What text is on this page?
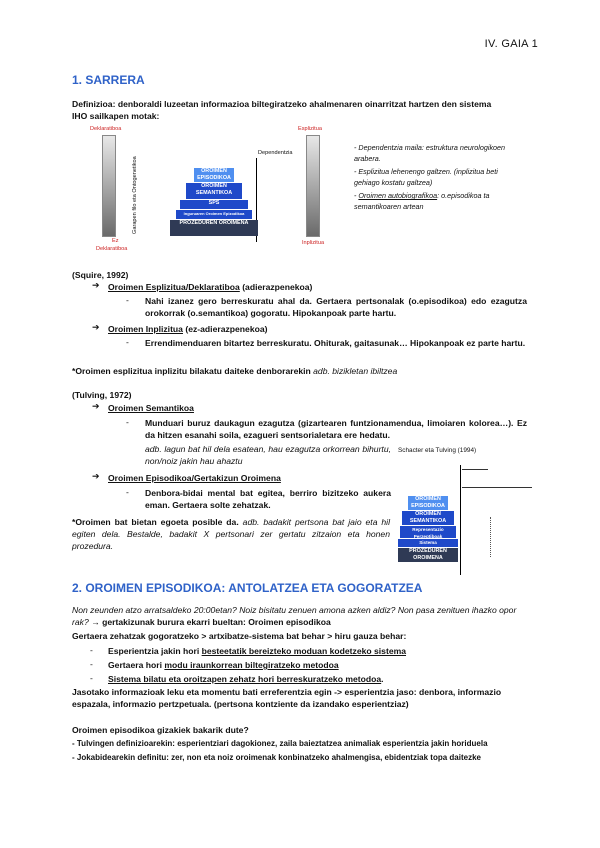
IV. GAIA 1
1. SARRERA
Definizioa: denboraldi luzeetan informazioa biltegiratzeko ahalmenaren oinarritzat hartzen den sistema
IHO sailkapen motak:
Deklaratiboa
Ez
Deklaratiboa
Garapen filo eta Ontogenetikoa
Dependentzia
Esplizitua
Inplizitua
OROIMEN EPISODIKOA
OROIMEN SEMANTIKOA
SPS
Inguruaren Oroimen Epizodikoa
PROZEDUREN OROIMENA
- Dependentzia maila: estruktura neurologikoen arabera.
- Esplizitua lehenengo galtzen. (inplizitua beti gehiago kostatu galtzea)
- Oroimen autobiografikoa: o.episodikoa ta semantikoaren artean
(Squire, 1992)
➔ Oroimen Esplizitua/Deklaratiboa (adierazpenekoa)
- Nahi izanez gero berreskuratu ahal da. Gertaera pertsonalak (o.episodikoa) edo ezagutza orokorrak (o.semantikoa) gogoratu. Hipokanpoak parte hartu.
➔ Oroimen Inplizitua (ez-adierazpenekoa)
- Errendimenduaren bitartez berreskuratu. Ohiturak, gaitasunak… Hipokanpoak ez parte hartu.
*Oroimen esplizitua inplizitu bilakatu daiteke denborarekin adb. bizikletan ibiltzea
(Tulving, 1972)
➔ Oroimen Semantikoa
- Munduari buruz daukagun ezagutza (gizartearen funtzionamendua, limoiaren kolorea…). Ez da hitzen esanahi soila, ezagueri sentsorialetara ere hedatu.
adb. lagun bat hil dela esatean, hau ezagutza orkorrean bihurtu, non/noiz jakin hau ahaztu
➔ Oroimen Episodikoa/Gertakizun Oroimena
- Denbora-bidai mental bat egitea, berriro bizitzeko aukera eman. Gertaera solte zehatzak.
*Oroimen bat bietan egoeta posible da. adb. badakit pertsona bat jaio eta hil egiten dela. Bestalde, badakit X pertsonari zer gertatu zitzaion eta honen prozedura.
Schacter eta Tulving (1994)
OROIMEN EPISODIKOA
OROIMEN SEMANTIKOA
Representazio Perzeptiboak
Sistema
PROZEDUREN OROIMENA
2. OROIMEN EPISODIKOA: ANTOLATZEA ETA GOGORATZEA
Non zeunden atzo arratsaldeko 20:00etan? Noiz bisitatu zenuen amona azken aldiz? Non pasa zenituen ihazko opor rak? → gertakizunak burura ekarri bueltan: Oroimen episodikoa
Gertaera zehatzak gogoratzeko > artxibatze-sistema bat behar > hiru gauza behar:
- Esperientzia jakin hori besteetatik bereizteko moduan kodetzeko sistema
- Gertaera hori modu iraunkorrean biltegiratzeko metodoa
- Sistema bilatu eta oroitzapen zehatz hori berreskuratzeko metodoa.
Jasotako informazioak leku eta momentu bati erreferentzia egin -> esperientzia jaso: denbora, informazio espazala, informazio pertzpetuala. (pertsona kontziente da izandako esperientziaz)
Oroimen episodikoa gizakiek bakarik dute?
- Tulvingen definizioarekin: esperientziari dagokionez, zaila baieztatzea animaliak esperientzia jakin horiduela
- Jokabidearekin definitu: zer, non eta noiz oroimenak konbinatzeko ahalmengisa, ebidentziak topa daitezke
